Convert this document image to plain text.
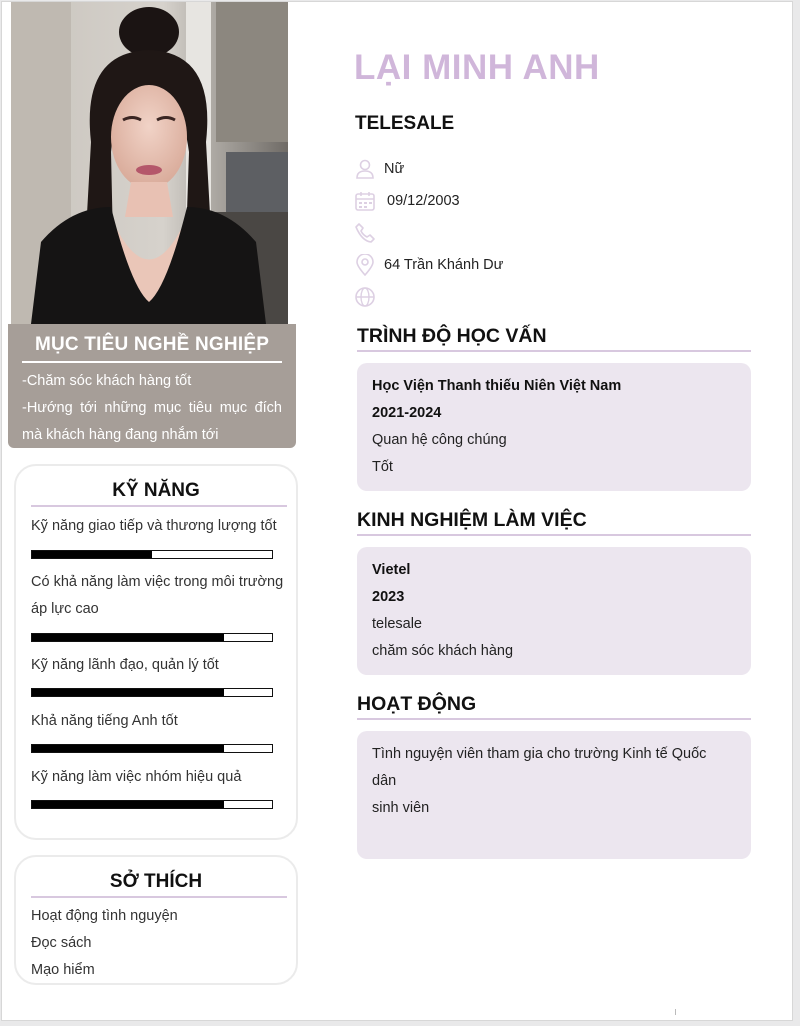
MỤC TIÊU NGHỀ NGHIỆP
-Chăm sóc khách hàng tốt
-Hướng tới những mục tiêu mục đích mà khách hàng đang nhắm tới
KỸ NĂNG
Kỹ năng giao tiếp và thương lượng tốt
Có khả năng làm việc trong môi trường áp lực cao
Kỹ năng lãnh đạo, quản lý tốt
Khả năng tiếng Anh tốt
Kỹ năng làm việc nhóm hiệu quả
SỞ THÍCH
Hoạt động tình nguyện
Đọc sách
Mạo hiểm
LẠI MINH ANH
TELESALE
Nữ
09/12/2003
64 Trần Khánh Dư
TRÌNH ĐỘ HỌC VẤN
Học Viện Thanh thiếu Niên Việt Nam
2021-2024
Quan hệ công chúng
Tốt
KINH NGHIỆM LÀM VIỆC
Vietel
2023
telesale
chăm sóc khách hàng
HOẠT ĐỘNG
Tình nguyện viên tham gia cho trường Kinh tế Quốc dân
sinh viên
